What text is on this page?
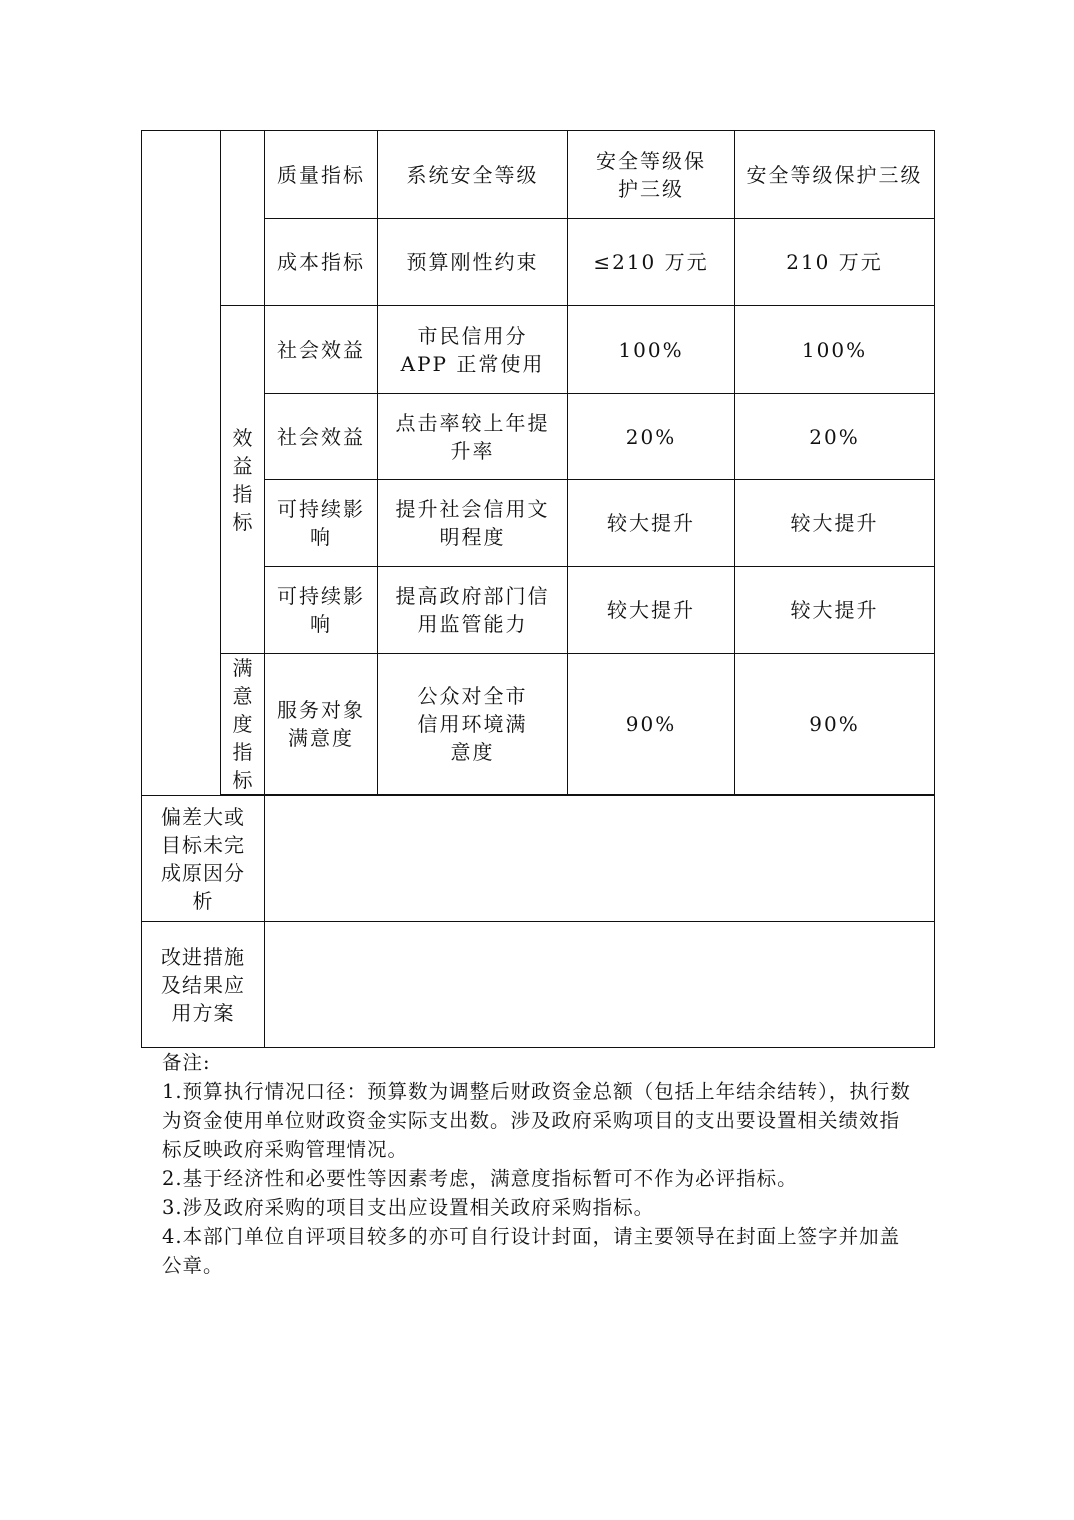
		质量指标	系统安全等级	安全等级保护三级	安全等级保护三级
		成本指标	预算刚性约束	≤210 万元	210 万元
	效益指标	社会效益	市民信用分 APP 正常使用	100%	100%
		社会效益	点击率较上年提升率	20%	20%

		可持续影响	提升社会信用文明程度	较大提升	较大提升

		可持续影响	提高政府部门信用监管能力	较大提升	较大提升
	满意度指标	服务对象满意度	公众对全市信用环境满意度	90%	90%

偏差大或目标未完成原因分析					

改进措施及结果应用方案					

备注:

1.预算执行情况口径：预算数为调整后财政资金总额（包括上年结余结转），执行数为资金使用单位财政资金实际支出数。涉及政府采购项目的支出要设置相关绩效指标反映政府采购管理情况。

2.基于经济性和必要性等因素考虑，满意度指标暂可不作为必评指标。

3.涉及政府采购的项目支出应设置相关政府采购指标。

4.本部门单位自评项目较多的亦可自行设计封面，请主要领导在封面上签字并加盖公章。
